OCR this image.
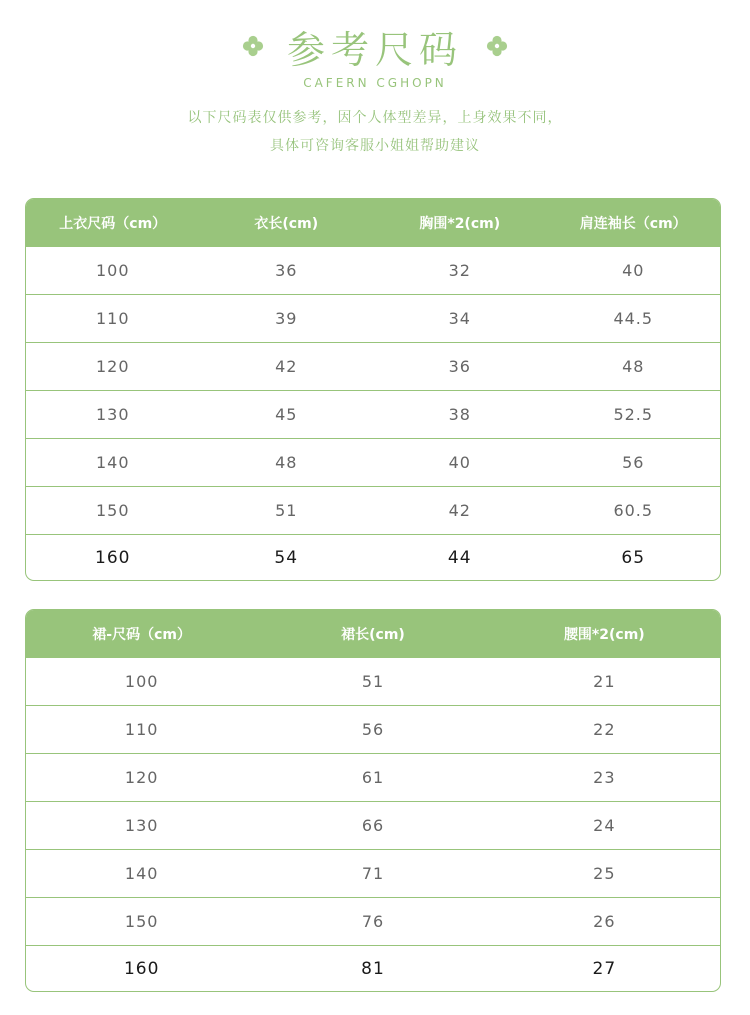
参考尺码
CAFERN CGHOPN
以下尺码表仅供参考，因个人体型差异，上身效果不同，
具体可咨询客服小姐姐帮助建议
上衣尺码（cm）	衣长(cm)	胸围*2(cm)	肩连袖长（cm）
100	36	32	40
110	39	34	44.5
120	42	36	48
130	45	38	52.5
140	48	40	56
150	51	42	60.5
160	54	44	65
裙-尺码（cm）	裙长(cm)	腰围*2(cm)
100	51	21
110	56	22
120	61	23
130	66	24
140	71	25
150	76	26
160	81	27
